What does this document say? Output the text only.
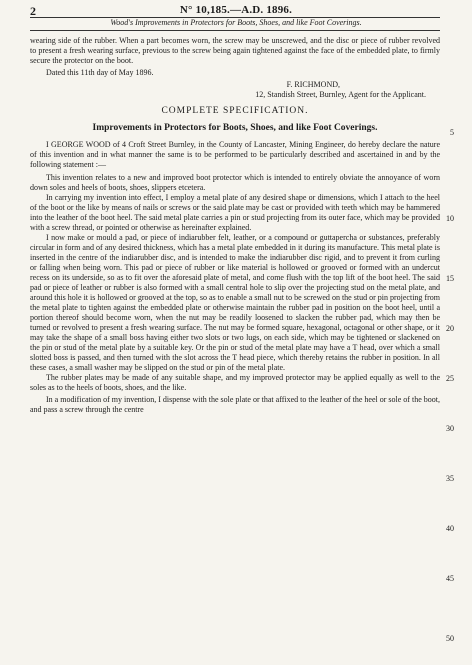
2	N° 10,185.—A.D. 1896.
Wood's Improvements in Protectors for Boots, Shoes, and like Foot Coverings.

wearing side of the rubber. When a part becomes worn, the screw may be unscrewed, and the disc or piece of rubber revolved to present a fresh wearing surface, previous to the screw being again tightened against the face of the embedded plate, to firmly secure the protector on the boot.

Dated this 11th day of May 1896.

F. RICHMOND,

12, Standish Street, Burnley, Agent for the Applicant.

COMPLETE SPECIFICATION.

Improvements in Protectors for Boots, Shoes, and like Foot Coverings.

I GEORGE WOOD of 4 Croft Street Burnley, in the County of Lancaster, Mining Engineer, do hereby declare the nature of this invention and in what manner the same is to be performed to be particularly described and ascertained in and by the following statement :—

This invention relates to a new and improved boot protector which is intended to entirely obviate the annoyance of worn down soles and heels of boots, shoes, slippers etcetera.

In carrying my invention into effect, I employ a metal plate of any desired shape or dimensions, which I attach to the heel of the boot or the like by means of nails or screws or the said plate may be cast or provided with teeth which may be hammered into the leather of the boot heel. The said metal plate carries a pin or stud projecting from its outer face, which may be provided with a screw thread, or pointed or otherwise as hereinafter explained.

I now make or mould a pad, or piece of indiarubber felt, leather, or a compound or guttapercha or substances, preferably circular in form and of any desired thickness, which has a metal plate embedded in it during its manufacture. This metal plate is inserted in the centre of the indiarubber disc, and is intended to make the indiarubber disc rigid, and to prevent it from curling or falling when being worn. This pad or piece of rubber or like material is hollowed or grooved or formed with an undercut recess on its underside, so as to fit over the aforesaid plate of metal, and come flush with the top lift of the boot heel. The said pad or piece of leather or rubber is also formed with a small central hole to slip over the projecting stud on the metal plate, and around this hole it is hollowed or grooved at the top, so as to enable a small nut to be screwed on the stud or pin projecting from the metal plate to tighten against the embedded plate or otherwise maintain the rubber pad in position on the boot heel, until a portion thereof should become worn, when the nut may be readily loosened to slacken the rubber pad, which may then be turned or revolved to present a fresh wearing surface. The nut may be formed square, hexagonal, octagonal or other shape, or it may take the shape of a small boss having either two slots or two lugs, on each side, which may be tightened or slackened on the pin or stud of the metal plate by a suitable key. Or the pin or stud of the metal plate may have a T head, over which a small slotted boss is passed, and then turned with the slot across the T head piece, which thereby retains the rubber in position. In all these cases, a small washer may be slipped on the stud or pin of the metal plate.

The rubber plates may be made of any suitable shape, and my improved protector may be applied equally as well to the soles as to the heels of boots, shoes, and the like.

In a modification of my invention, I dispense with the sole plate or that affixed to the leather of the heel or sole of the boot, and pass a screw through the centre

5
10
15
20
25
30
35
40
45
50
